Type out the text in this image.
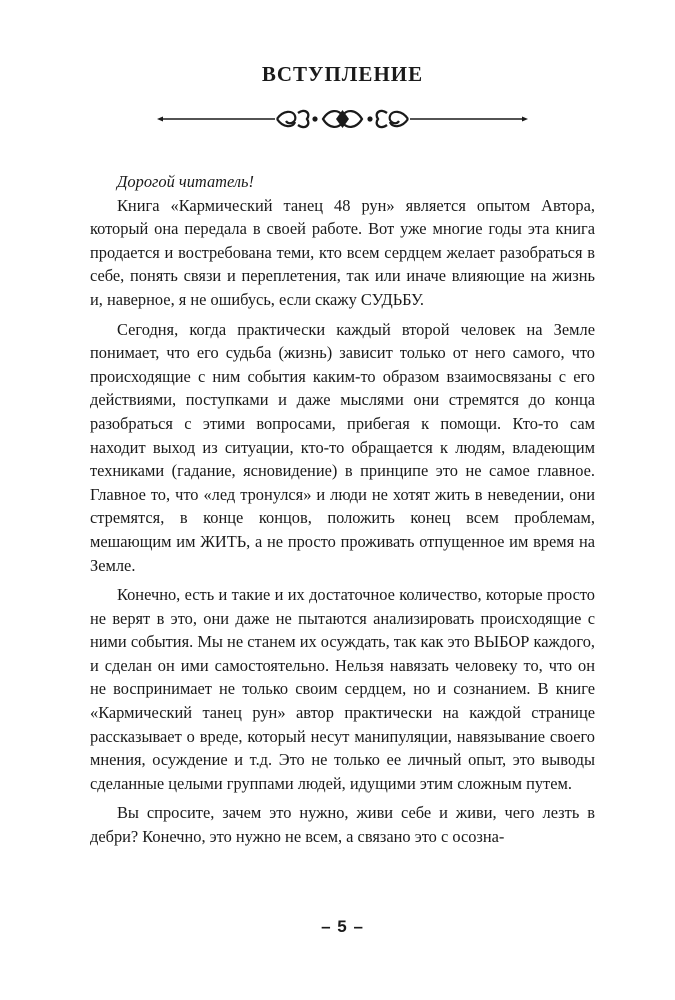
ВСТУПЛЕНИЕ

Дорогой читатель!

Книга «Кармический танец 48 рун» является опытом Автора, который она передала в своей работе. Вот уже многие годы эта книга продается и востребована теми, кто всем сердцем желает разобраться в себе, понять связи и переплетения, так или иначе влияющие на жизнь и, наверное, я не ошибусь, если скажу СУДЬБУ.

Сегодня, когда практически каждый второй человек на Земле понимает, что его судьба (жизнь) зависит только от него самого, что происходящие с ним события каким-то образом взаимосвязаны с его действиями, поступками и даже мыслями они стремятся до конца разобраться с этими вопросами, прибегая к помощи. Кто-то сам находит выход из ситуации, кто-то обращается к людям, владеющим техниками (гадание, ясновидение) в принципе это не самое главное. Главное то, что «лед тронулся» и люди не хотят жить в неведении, они стремятся, в конце концов, положить конец всем проблемам, мешающим им ЖИТЬ, а не просто проживать отпущенное им время на Земле.

Конечно, есть и такие и их достаточное количество, которые просто не верят в это, они даже не пытаются анализировать происходящие с ними события. Мы не станем их осуждать, так как это ВЫБОР каждого, и сделан он ими самостоятельно. Нельзя навязать человеку то, что он не воспринимает не только своим сердцем, но и сознанием. В книге «Кармический танец рун» автор практически на каждой странице рассказывает о вреде, который несут манипуляции, навязывание своего мнения, осуждение и т.д. Это не только ее личный опыт, это выводы сделанные целыми группами людей, идущими этим сложным путем.

Вы спросите, зачем это нужно, живи себе и живи, чего лезть в дебри? Конечно, это нужно не всем, а связано это с осозна-

– 5 –
